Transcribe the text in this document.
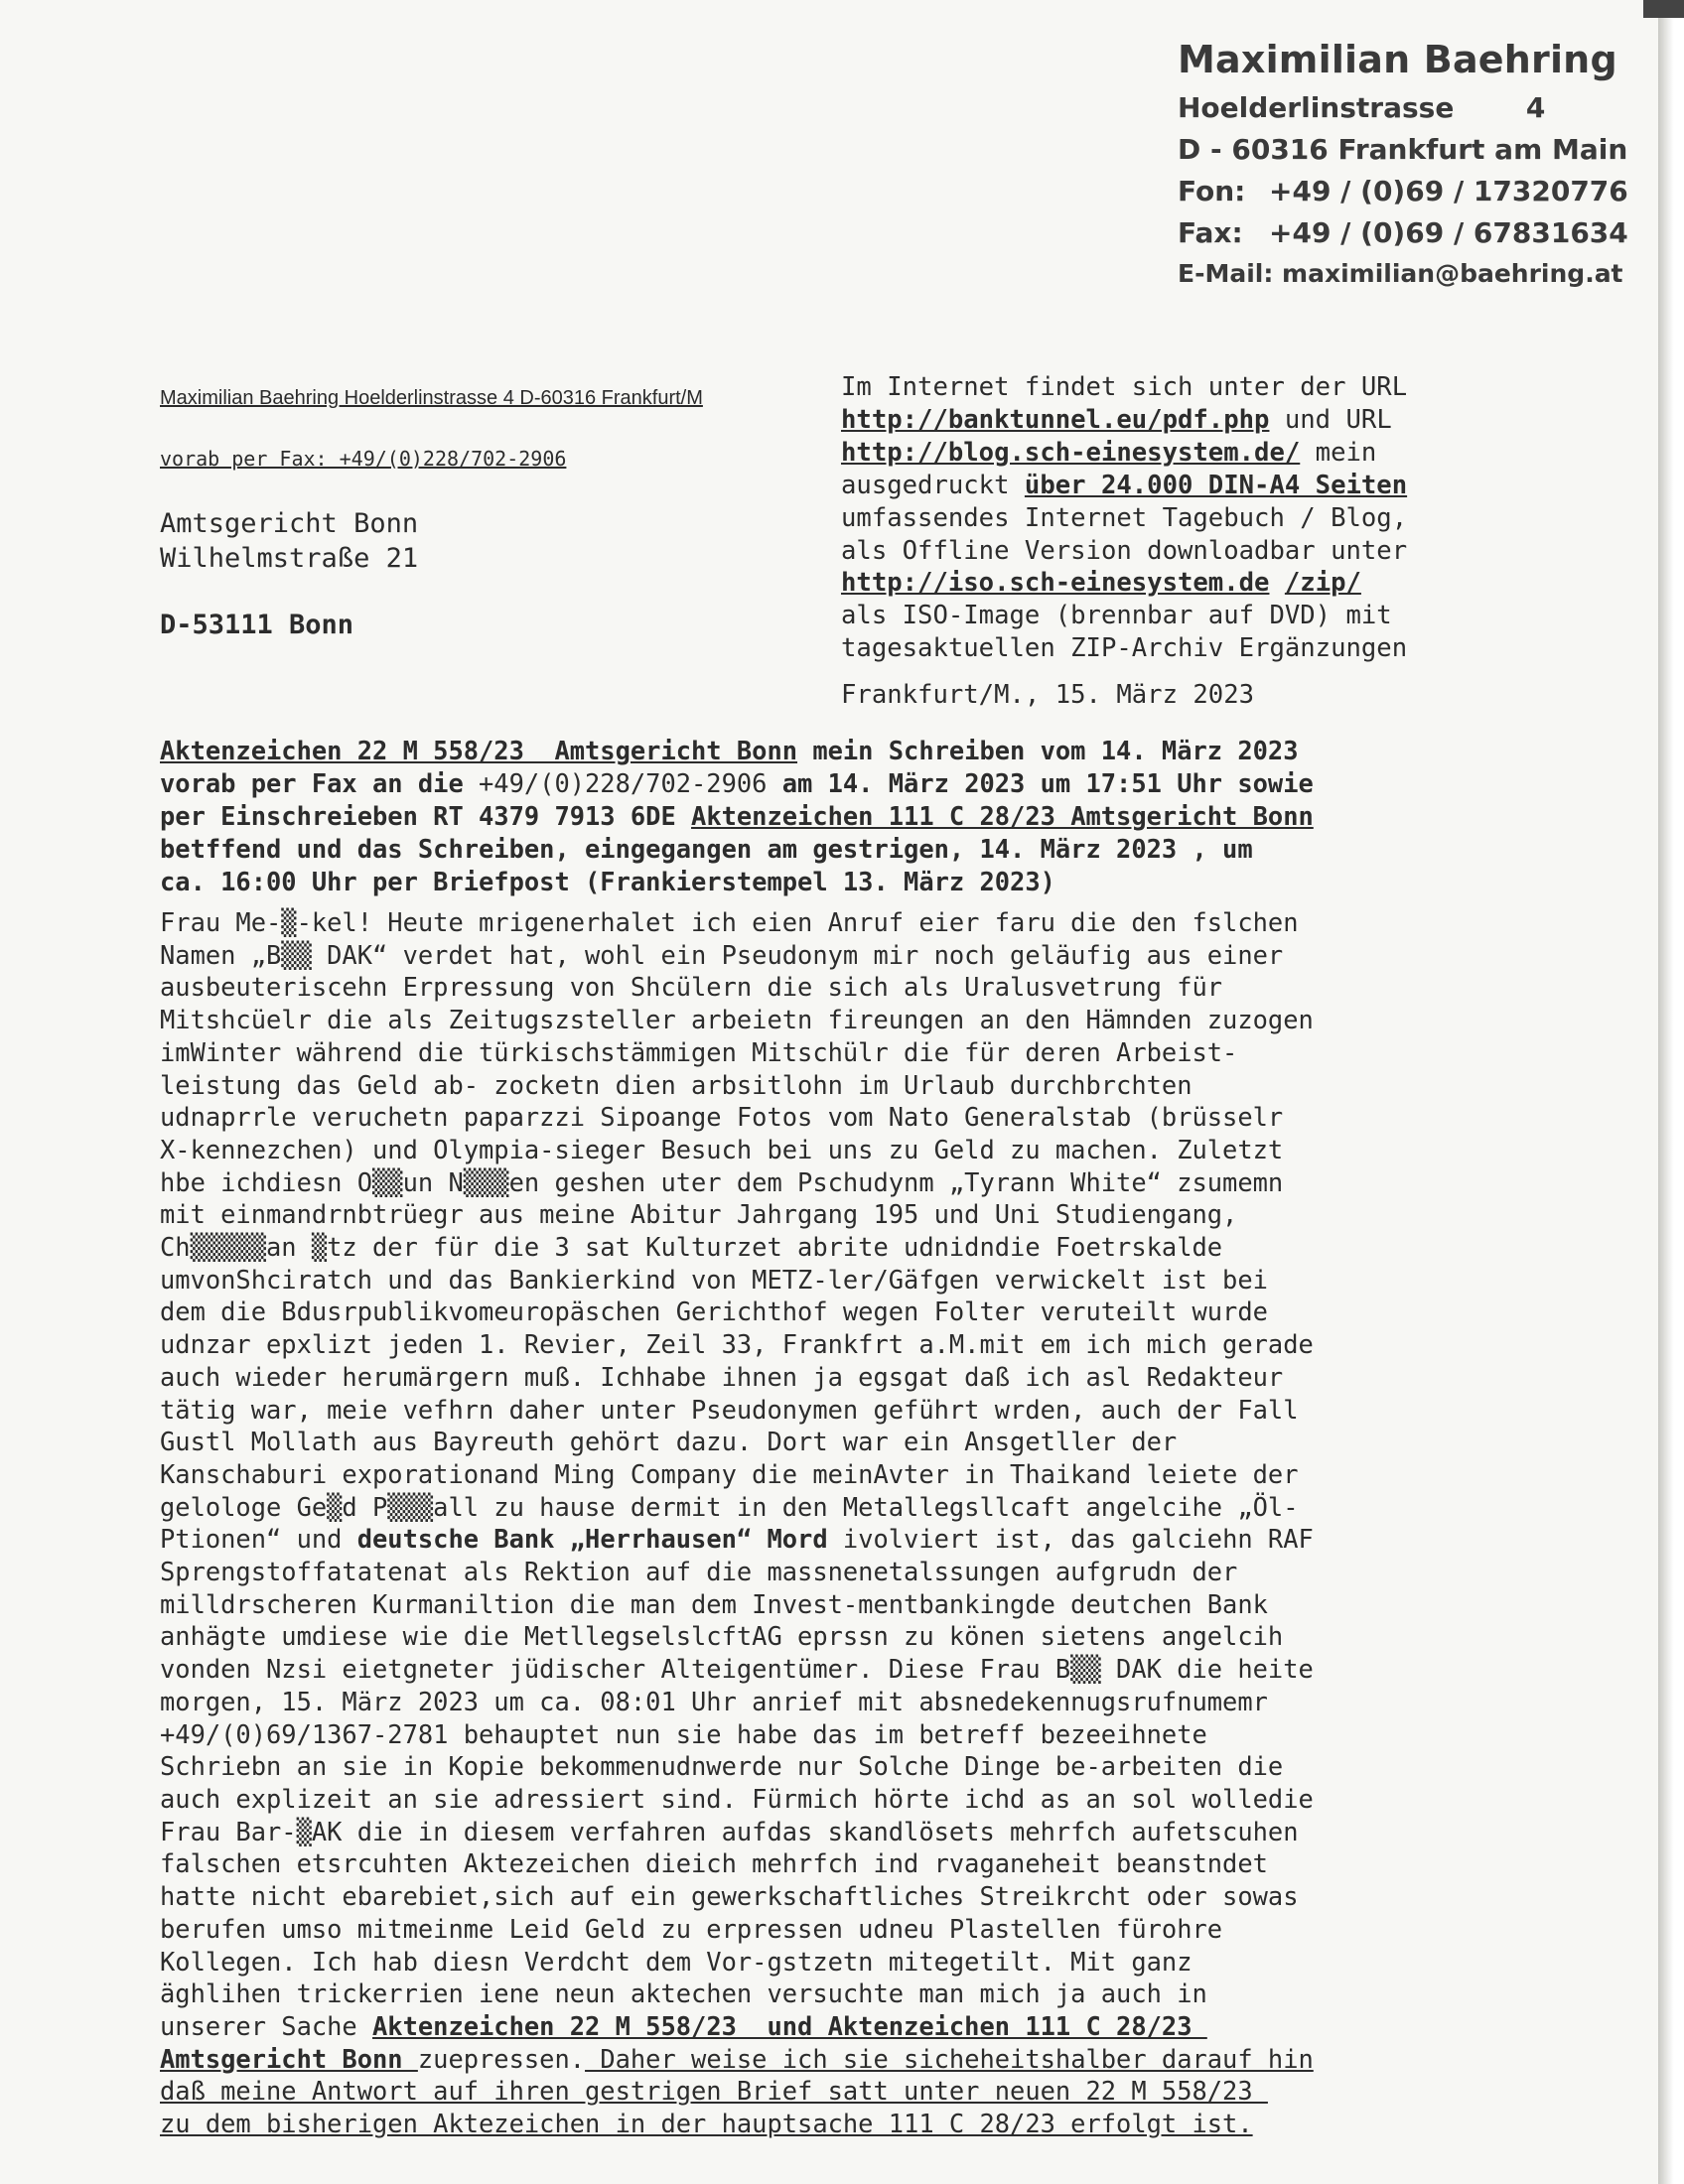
Maximilian Baehring
Hoelderlinstrasse	4
D - 60316 Frankfurt am Main
Fon: +49 / (0)69 / 17320776
Fax: +49 / (0)69 / 67831634
E-Mail: maximilian@baehring.at
Maximilian Baehring Hoelderlinstrasse 4 D-60316 Frankfurt/M
vorab per Fax: +49/(0)228/702-2906
Amtsgericht Bonn
Wilhelmstraße 21
D-53111 Bonn
Im Internet findet sich unter der URL
http://banktunnel.eu/pdf.php und URL
http://blog.sch-einesystem.de/ mein
ausgedruckt über 24.000 DIN-A4 Seiten
umfassendes Internet Tagebuch / Blog,
als Offline Version downloadbar unter
http://iso.sch-einesystem.de /zip/
als ISO-Image (brennbar auf DVD) mit
tagesaktuellen ZIP-Archiv Ergänzungen
Frankfurt/M., 15. März 2023
Aktenzeichen 22 M 558/23  Amtsgericht Bonn mein Schreiben vom 14. März 2023
vorab per Fax an die +49/(0)228/702-2906 am 14. März 2023 um 17:51 Uhr sowie
per Einschreieben RT 4379 7913 6DE Aktenzeichen 111 C 28/23 Amtsgericht Bonn
betffend und das Schreiben, eingegangen am gestrigen, 14. März 2023 , um
ca. 16:00 Uhr per Briefpost (Frankierstempel 13. März 2023)
Frau Me-▒-kel! Heute mrigenerhalet ich eien Anruf eier faru die den fslchen
Namen „B▒▒ DAK“ verdet hat, wohl ein Pseudonym mir noch geläufig aus einer
ausbeuteriscehn Erpressung von Shcülern die sich als Uralusvetrung für
Mitshcüelr die als Zeitugszsteller arbeietn fireungen an den Hämnden zuzogen
imWinter während die türkischstämmigen Mitschülr die für deren Arbeist-
leistung das Geld ab- zocketn dien arbsitlohn im Urlaub durchbrchten
udnaprrle veruchetn paparzzi Sipoange Fotos vom Nato Generalstab (brüsselr
X-kennezchen) und Olympia-sieger Besuch bei uns zu Geld zu machen. Zuletzt
hbe ichdiesn O▒▒un N▒▒▒en geshen uter dem Pschudynm „Tyrann White“ zsumemn
mit einmandrnbtrüegr aus meine Abitur Jahrgang 195 und Uni Studiengang,
Ch▒▒▒▒▒an ▒tz der für die 3 sat Kulturzet abrite udnidndie Foetrskalde
umvonShciratch und das Bankierkind von METZ-ler/Gäfgen verwickelt ist bei
dem die Bdusrpublikvomeuropäschen Gerichthof wegen Folter veruteilt wurde
udnzar epxlizt jeden 1. Revier, Zeil 33, Frankfrt a.M.mit em ich mich gerade
auch wieder herumärgern muß. Ichhabe ihnen ja egsgat daß ich asl Redakteur
tätig war, meie vefhrn daher unter Pseudonymen geführt wrden, auch der Fall
Gustl Mollath aus Bayreuth gehört dazu. Dort war ein Ansgetller der
Kanschaburi exporationand Ming Company die meinAvter in Thaikand leiete der
gelologe Ge▒d P▒▒▒all zu hause dermit in den Metallegsllcaft angelcihe „Öl-
Ptionen“ und deutsche Bank „Herrhausen“ Mord ivolviert ist, das galciehn RAF
Sprengstoffatatenat als Rektion auf die massnenetalssungen aufgrudn der
milldrscheren Kurmaniltion die man dem Invest-mentbankingde deutchen Bank
anhägte umdiese wie die MetllegselslcftAG eprssn zu könen sietens angelcih
vonden Nzsi eietgneter jüdischer Alteigentümer. Diese Frau B▒▒ DAK die heite
morgen, 15. März 2023 um ca. 08:01 Uhr anrief mit absnedekennugsrufnumemr
+49/(0)69/1367-2781 behauptet nun sie habe das im betreff bezeeihnete
Schriebn an sie in Kopie bekommenudnwerde nur Solche Dinge be-arbeiten die
auch explizeit an sie adressiert sind. Fürmich hörte ichd as an sol wolledie
Frau Bar-▒AK die in diesem verfahren aufdas skandlösets mehrfch aufetscuhen
falschen etsrcuhten Aktezeichen dieich mehrfch ind rvaganeheit beanstndet
hatte nicht ebarebiet,sich auf ein gewerkschaftliches Streikrcht oder sowas
berufen umso mitmeinme Leid Geld zu erpressen udneu Plastellen fürohre
Kollegen. Ich hab diesn Verdcht dem Vor-gstzetn mitegetilt. Mit ganz
äghlihen trickerrien iene neun aktechen versuchte man mich ja auch in
unserer Sache Aktenzeichen 22 M 558/23  und Aktenzeichen 111 C 28/23
Amtsgericht Bonn zuepressen. Daher weise ich sie sicheheitshalber darauf hin
daß meine Antwort auf ihren gestrigen Brief satt unter neuen 22 M 558/23
zu dem bisherigen Aktezeichen in der hauptsache 111 C 28/23 erfolgt ist.
